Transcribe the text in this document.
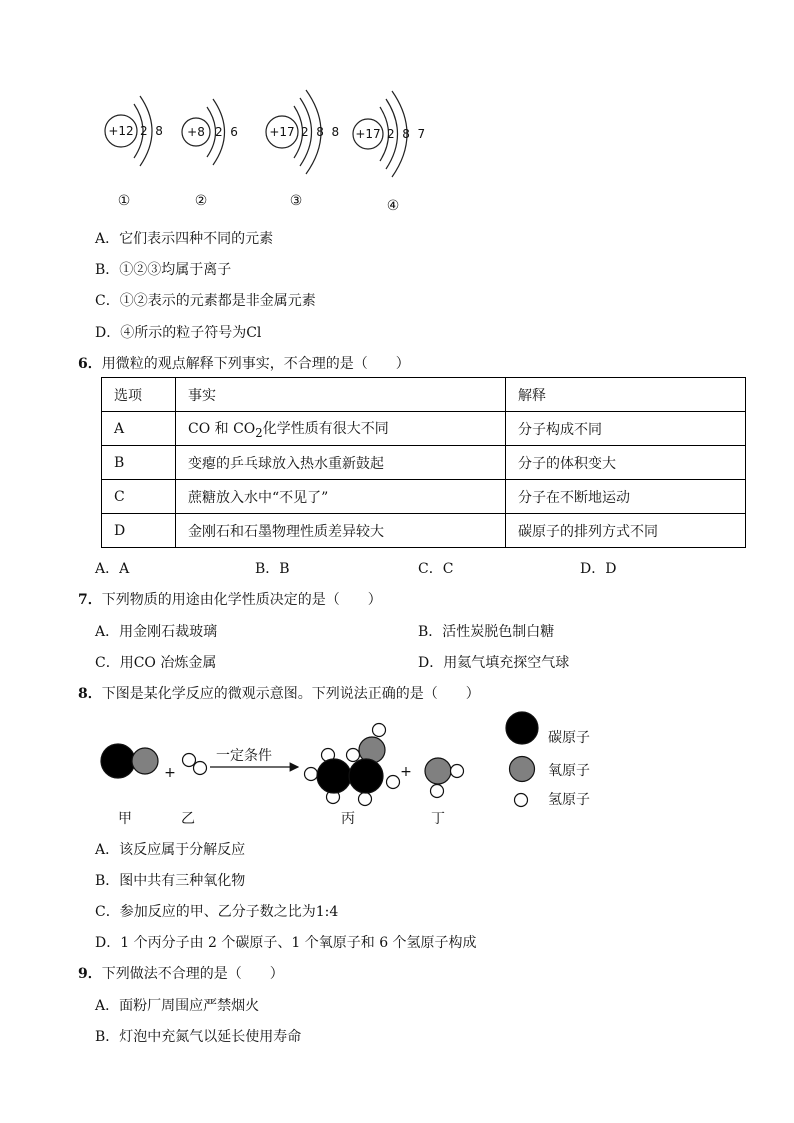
+12 2  8 +8 2  6	+17 2  8  8 +17 2  8  7
①	②	③	④
A．它们表示四种不同的元素
B．①②③均属于离子
C．①②表示的元素都是非金属元素
D．④所示的粒子符号为Cl
6．用微粒的观点解释下列事实，不合理的是（　　）
选项	事实	解释
A	CO 和 $CO_2$化学性质有很大不同	分子构成不同
B	变瘪的乒乓球放入热水重新鼓起	分子的体积变大
C	蔗糖放入水中“不见了”	分子在不断地运动
D	金刚石和石墨物理性质差异较大	碳原子的排列方式不同
A．A	B．B	C．C	D．D
7．下列物质的用途由化学性质决定的是（　　）
A．用金刚石裁玻璃	B．活性炭脱色制白糖
C．用CO 冶炼金属	D．用氦气填充探空气球
8．下图是某化学反应的微观示意图。下列说法正确的是（　　）
一定条件
+	+
甲	乙	丙	丁
碳原子
氧原子
氢原子
A．该反应属于分解反应
B．图中共有三种氧化物
C．参加反应的甲、乙分子数之比为1:4
D．1 个丙分子由 2 个碳原子、1 个氧原子和 6 个氢原子构成
9．下列做法不合理的是（　　）
A．面粉厂周围应严禁烟火
B．灯泡中充氮气以延长使用寿命
